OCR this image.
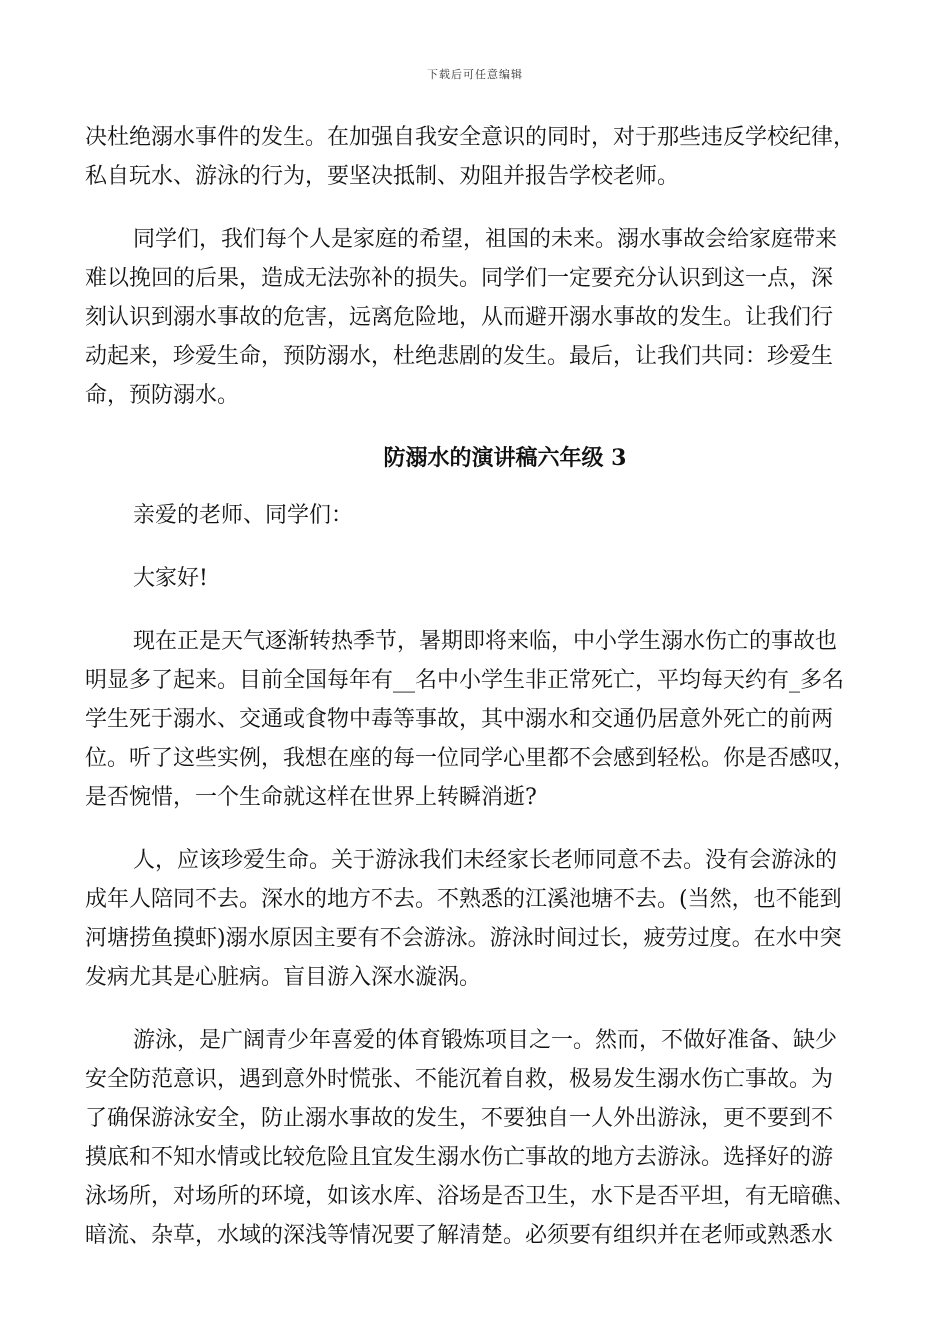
下载后可任意编辑
决杜绝溺水事件的发生。在加强自我安全意识的同时，对于那些违反学校纪律，
私自玩水、游泳的行为，要坚决抵制、劝阻并报告学校老师。
同学们，我们每个人是家庭的希望，祖国的未来。溺水事故会给家庭带来
难以挽回的后果，造成无法弥补的损失。同学们一定要充分认识到这一点，深
刻认识到溺水事故的危害，远离危险地，从而避开溺水事故的发生。让我们行
动起来，珍爱生命，预防溺水，杜绝悲剧的发生。最后，让我们共同：珍爱生
命，预防溺水。
防溺水的演讲稿六年级 3
亲爱的老师、同学们：
大家好!
现在正是天气逐渐转热季节，暑期即将来临，中小学生溺水伤亡的事故也
明显多了起来。目前全国每年有__名中小学生非正常死亡，平均每天约有_多名
学生死于溺水、交通或食物中毒等事故，其中溺水和交通仍居意外死亡的前两
位。听了这些实例，我想在座的每一位同学心里都不会感到轻松。你是否感叹，
是否惋惜，一个生命就这样在世界上转瞬消逝?
人，应该珍爱生命。关于游泳我们未经家长老师同意不去。没有会游泳的
成年人陪同不去。深水的地方不去。不熟悉的江溪池塘不去。(当然，也不能到
河塘捞鱼摸虾)溺水原因主要有不会游泳。游泳时间过长，疲劳过度。在水中突
发病尤其是心脏病。盲目游入深水漩涡。
游泳，是广阔青少年喜爱的体育锻炼项目之一。然而，不做好准备、缺少
安全防范意识，遇到意外时慌张、不能沉着自救，极易发生溺水伤亡事故。为
了确保游泳安全，防止溺水事故的发生，不要独自一人外出游泳，更不要到不
摸底和不知水情或比较危险且宜发生溺水伤亡事故的地方去游泳。选择好的游
泳场所，对场所的环境，如该水库、浴场是否卫生，水下是否平坦，有无暗礁、
暗流、杂草，水域的深浅等情况要了解清楚。必须要有组织并在老师或熟悉水
